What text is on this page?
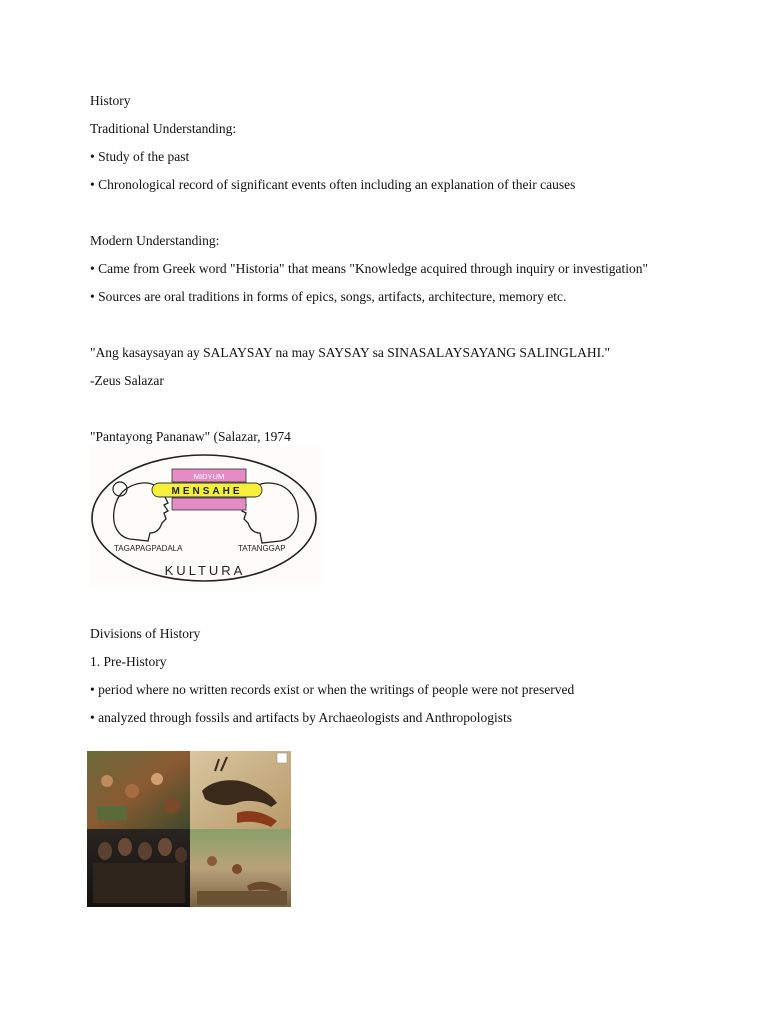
History
Traditional Understanding:
• Study of the past
• Chronological record of significant events often including an explanation of their causes
Modern Understanding:
• Came from Greek word "Historia" that means "Knowledge acquired through inquiry or investigation"
• Sources are oral traditions in forms of epics, songs, artifacts, architecture, memory etc.
"Ang kasaysayan ay SALAYSAY na may SAYSAY sa SINASALAYSAYANG SALINGLAHI."
-Zeus Salazar
"Pantayong Pananaw" (Salazar, 1974
MIDYUM
MENSAHE
TAGAPAGPADALA	TATANGGAP
KULTURA
Divisions of History
1. Pre-History
• period where no written records exist or when the writings of people were not preserved
• analyzed through fossils and artifacts by Archaeologists and Anthropologists
